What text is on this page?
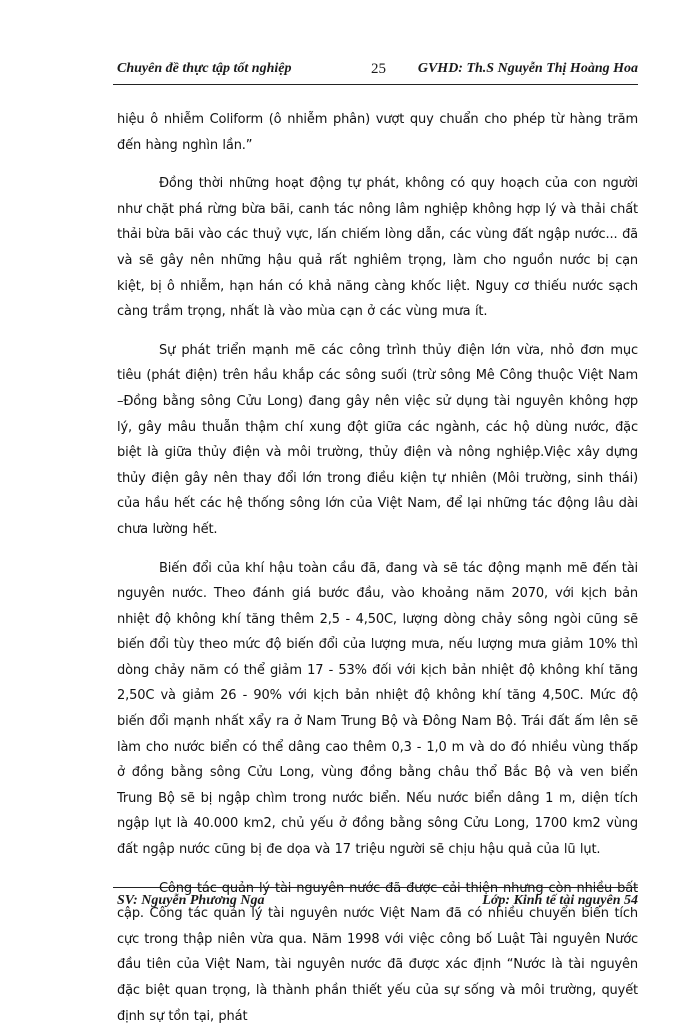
Chuyên đề thực tập tốt nghiệp	25 GVHD: Th.S Nguyễn Thị Hoàng Hoa

hiệu ô nhiễm Coliform (ô nhiễm phân) vượt quy chuẩn cho phép từ hàng trăm đến hàng nghìn lần.”

Đồng thời những hoạt động tự phát, không có quy hoạch của con người như chặt phá rừng bừa bãi, canh tác nông lâm nghiệp không hợp lý và thải chất thải bừa bãi vào các thuỷ vực, lấn chiếm lòng dẫn, các vùng đất ngập nước... đã và sẽ gây nên những hậu quả rất nghiêm trọng, làm cho nguồn nước bị cạn kiệt, bị ô nhiễm, hạn hán có khả năng càng khốc liệt. Nguy cơ thiếu nước sạch càng trầm trọng, nhất là vào mùa cạn ở các vùng mưa ít.

Sự phát triển mạnh mẽ các công trình thủy điện lớn vừa, nhỏ đơn mục tiêu (phát điện) trên hầu khắp các sông suối (trừ sông Mê Công thuộc Việt Nam –Đồng bằng sông Cửu Long) đang gây nên việc sử dụng tài nguyên không hợp lý, gây mâu thuẫn thậm chí xung đột giữa các ngành, các hộ dùng nước, đặc biệt là giữa thủy điện và môi trường, thủy điện và nông nghiệp.Việc xây dựng thủy điện gây nên thay đổi lớn trong điều kiện tự nhiên (Môi trường, sinh thái) của hầu hết các hệ thống sông lớn của Việt Nam, để lại những tác động lâu dài chưa lường hết.

Biến đổi của khí hậu toàn cầu đã, đang và sẽ tác động mạnh mẽ đến tài nguyên nước. Theo đánh giá bước đầu, vào khoảng năm 2070, với kịch bản nhiệt độ không khí tăng thêm 2,5 - 4,50C, lượng dòng chảy sông ngòi cũng sẽ biến đổi tùy theo mức độ biến đổi của lượng mưa, nếu lượng mưa giảm 10% thì dòng chảy năm có thể giảm 17 - 53% đối với kịch bản nhiệt độ không khí tăng 2,50C và giảm 26 - 90% với kịch bản nhiệt độ không khí tăng 4,50C. Mức độ biến đổi mạnh nhất xẩy ra ở Nam Trung Bộ và Đông Nam Bộ. Trái đất ấm lên sẽ làm cho nước biển có thể dâng cao thêm 0,3 - 1,0 m và do đó nhiều vùng thấp ở đồng bằng sông Cửu Long, vùng đồng bằng châu thổ Bắc Bộ và ven biển Trung Bộ sẽ bị ngập chìm trong nước biển. Nếu nước biển dâng 1 m, diện tích ngập lụt là 40.000 km2, chủ yếu ở đồng bằng sông Cửu Long, 1700 km2 vùng đất ngập nước cũng bị đe dọa và 17 triệu người sẽ chịu hậu quả của lũ lụt.

Công tác quản lý tài nguyên nước đã được cải thiện nhưng còn nhiều bất cập. Công tác quản lý tài nguyên nước Việt Nam đã có nhiều chuyển biến tích cực trong thập niên vừa qua. Năm 1998 với việc công bố Luật Tài nguyên Nước đầu tiên của Việt Nam, tài nguyên nước đã được xác định “Nước là tài nguyên đặc biệt quan trọng, là thành phần thiết yếu của sự sống và môi trường, quyết định sự tồn tại, phát

SV: Nguyễn Phương Nga	Lớp: Kinh tế tài nguyên 54
